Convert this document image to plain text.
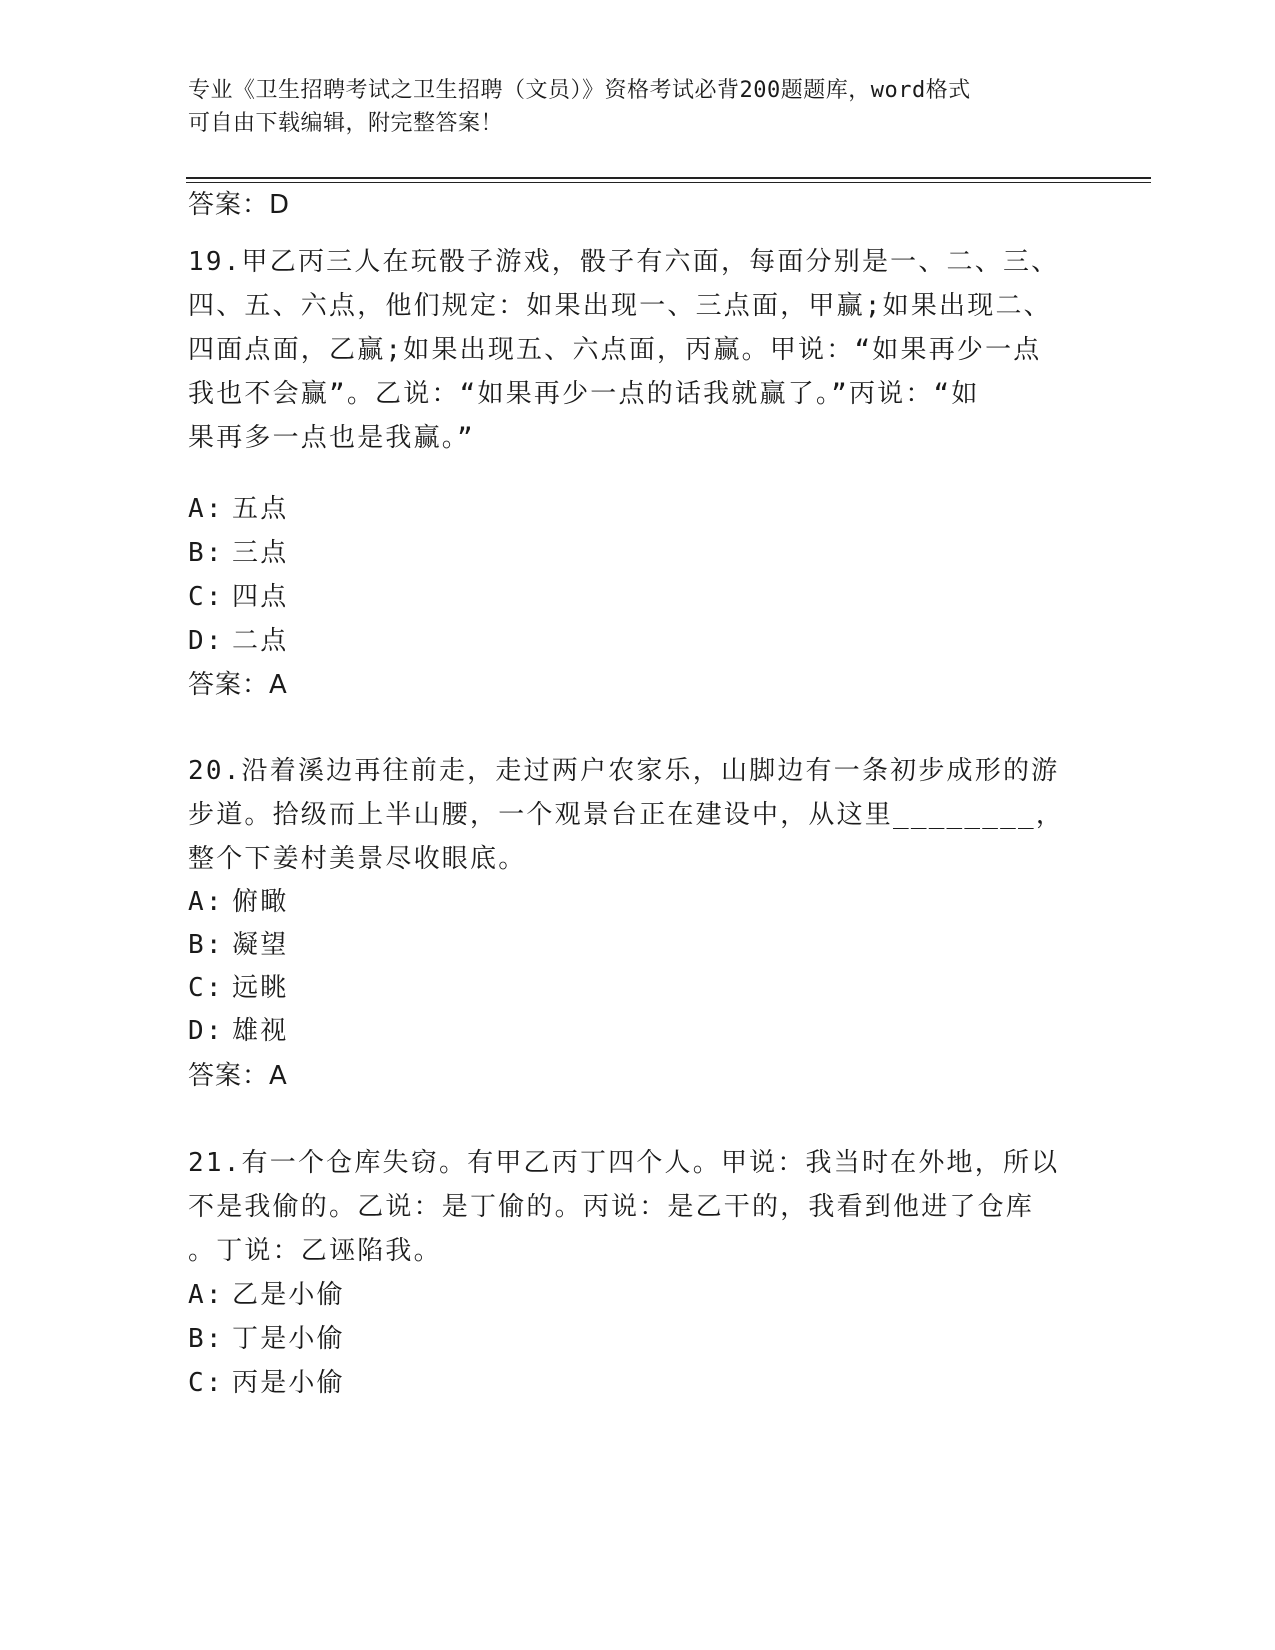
专业《卫生招聘考试之卫生招聘（文员）》资格考试必背200题题库，word格式
可自由下载编辑，附完整答案！
答案：D
19.甲乙丙三人在玩骰子游戏，骰子有六面，每面分别是一、二、三、
四、五、六点，他们规定：如果出现一、三点面，甲赢;如果出现二、
四面点面，乙赢;如果出现五、六点面，丙赢。甲说：“如果再少一点
我也不会赢”。乙说：“如果再少一点的话我就赢了。”丙说：“如
果再多一点也是我赢。”
A: 五点
B: 三点
C: 四点
D: 二点
答案：A
20.沿着溪边再往前走，走过两户农家乐，山脚边有一条初步成形的游
步道。拾级而上半山腰，一个观景台正在建设中，从这里________，
整个下姜村美景尽收眼底。
A: 俯瞰
B: 凝望
C: 远眺
D: 雄视
答案：A
21.有一个仓库失窃。有甲乙丙丁四个人。甲说：我当时在外地，所以
不是我偷的。乙说：是丁偷的。丙说：是乙干的，我看到他进了仓库
。丁说：乙诬陷我。
A: 乙是小偷
B: 丁是小偷
C: 丙是小偷
